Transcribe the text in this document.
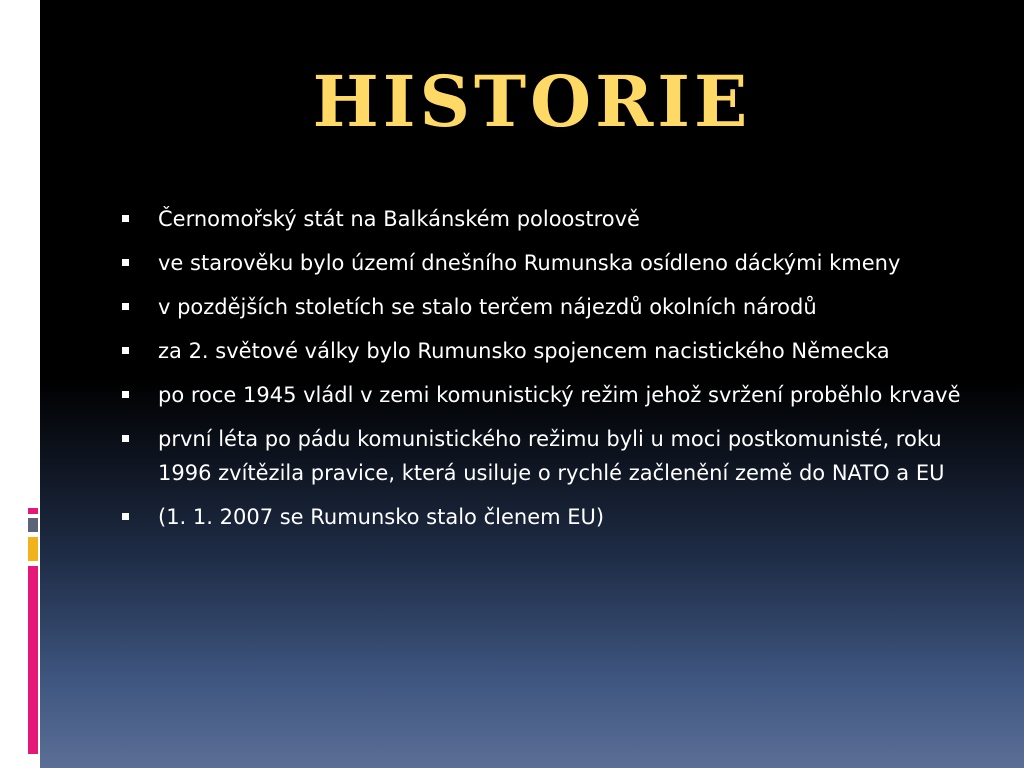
HISTORIE
Černomořský stát na Balkánském poloostrově
ve starověku bylo území dnešního Rumunska osídleno dáckými kmeny
v pozdějších stoletích se stalo terčem nájezdů okolních národů
za 2. světové války bylo Rumunsko spojencem nacistického Německa
po roce 1945 vládl v zemi komunistický režim jehož svržení proběhlo krvavě
první léta po pádu komunistického režimu byli u moci postkomunisté, roku 1996 zvítězila pravice, která usiluje o rychlé začlenění země do NATO a EU
(1. 1. 2007 se Rumunsko stalo členem EU)
